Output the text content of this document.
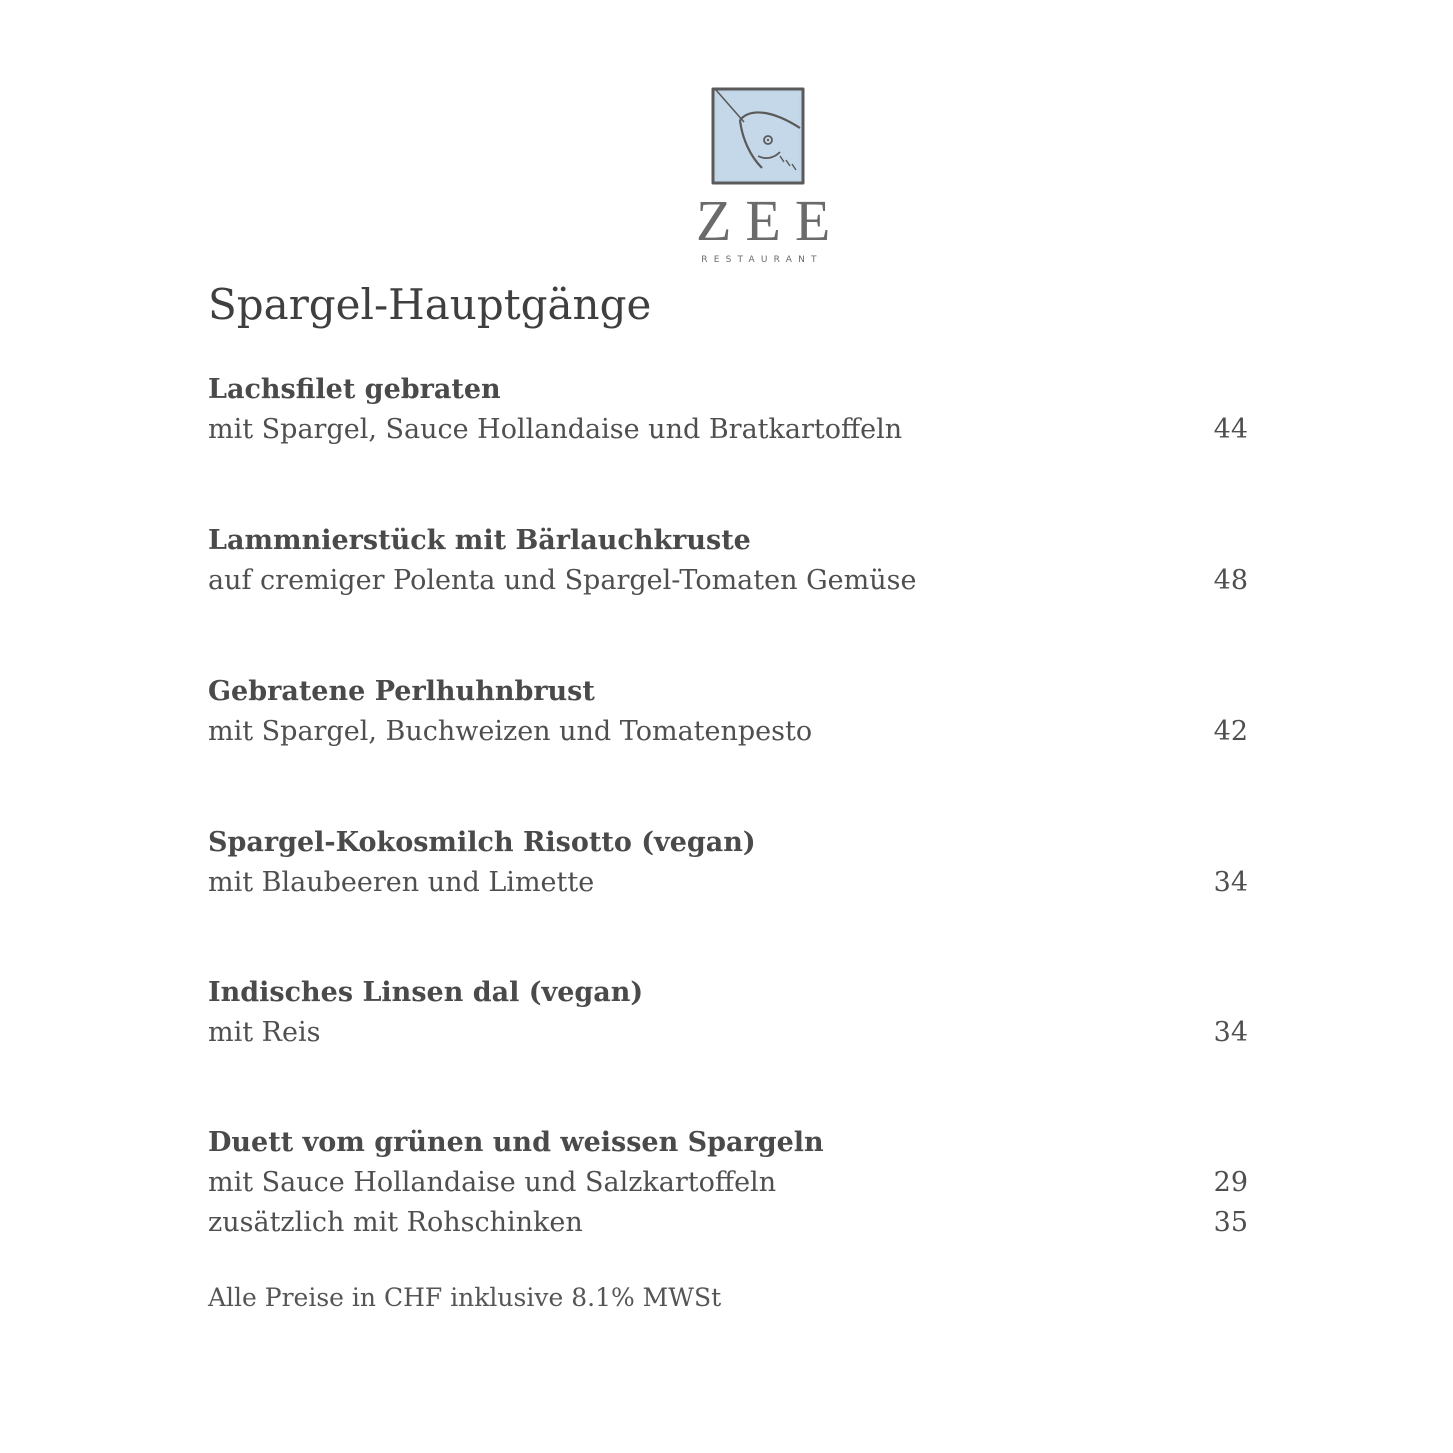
ZEE
RESTAURANT
Spargel-Hauptgänge
Lachsfilet gebraten
mit Spargel, Sauce Hollandaise und Bratkartoffeln	44
Lammnierstück mit Bärlauchkruste
auf cremiger Polenta und Spargel-Tomaten Gemüse	48
Gebratene Perlhuhnbrust
mit Spargel, Buchweizen und Tomatenpesto	42
Spargel-Kokosmilch Risotto (vegan)
mit Blaubeeren und Limette	34
Indisches Linsen dal (vegan)
mit Reis	34
Duett vom grünen und weissen Spargeln
mit Sauce Hollandaise und Salzkartoffeln	29
zusätzlich mit Rohschinken	35
Alle Preise in CHF inklusive 8.1% MWSt
